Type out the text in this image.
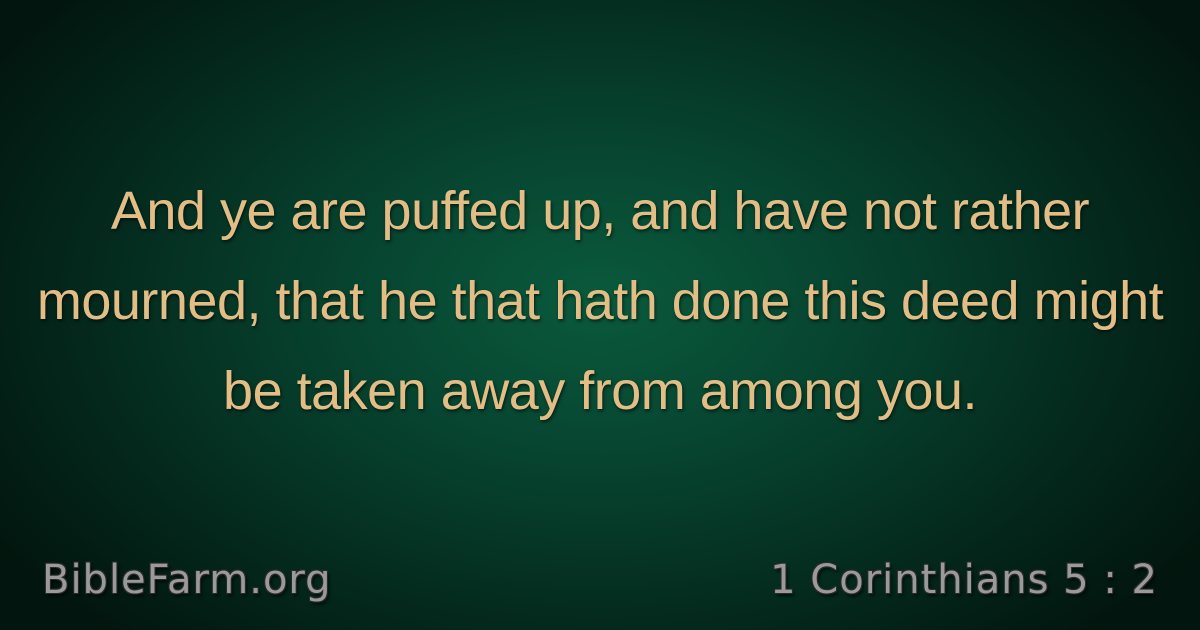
And ye are puffed up, and have not rather mourned, that he that hath done this deed might be taken away from among you.

BibleFarm.org	1 Corinthians 5 : 2
